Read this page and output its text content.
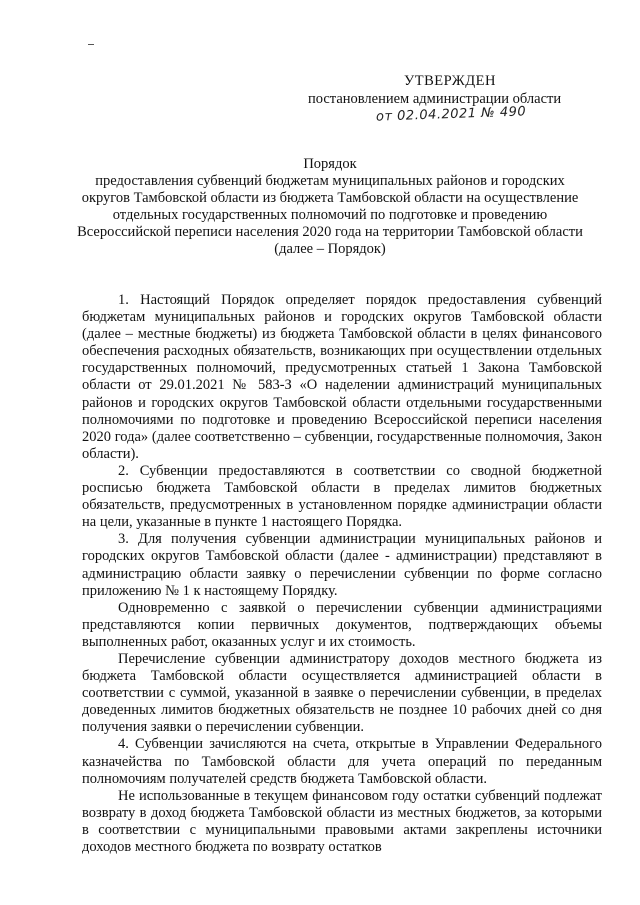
УТВЕРЖДЕН
постановлением администрации области
от 02.04.2021 № 490
Порядок
предоставления субвенций бюджетам муниципальных районов и городских округов Тамбовской области из бюджета Тамбовской области на осуществление отдельных государственных полномочий по подготовке и проведению Всероссийской переписи населения 2020 года на территории Тамбовской области
(далее – Порядок)

1. Настоящий Порядок определяет порядок предоставления субвенций бюджетам муниципальных районов и городских округов Тамбовской области (далее – местные бюджеты) из бюджета Тамбовской области в целях финансового обеспечения расходных обязательств, возникающих при осуществлении отдельных государственных полномочий, предусмотренных статьей 1 Закона Тамбовской области от 29.01.2021 № 583-З «О наделении администраций муниципальных районов и городских округов Тамбовской области отдельными государственными полномочиями по подготовке и проведению Всероссийской переписи населения 2020 года» (далее соответственно – субвенции, государственные полномочия, Закон области).

2. Субвенции предоставляются в соответствии со сводной бюджетной росписью бюджета Тамбовской области в пределах лимитов бюджетных обязательств, предусмотренных в установленном порядке администрации области на цели, указанные в пункте 1 настоящего Порядка.

3. Для получения субвенции администрации муниципальных районов и городских округов Тамбовской области (далее - администрации) представляют в администрацию области заявку о перечислении субвенции по форме согласно приложению № 1 к настоящему Порядку.

Одновременно с заявкой о перечислении субвенции администрациями представляются копии первичных документов, подтверждающих объемы выполненных работ, оказанных услуг и их стоимость.

Перечисление субвенции администратору доходов местного бюджета из бюджета Тамбовской области осуществляется администрацией области в соответствии с суммой, указанной в заявке о перечислении субвенции, в пределах доведенных лимитов бюджетных обязательств не позднее 10 рабочих дней со дня получения заявки о перечислении субвенции.

4. Субвенции зачисляются на счета, открытые в Управлении Федерального казначейства по Тамбовской области для учета операций по переданным полномочиям получателей средств бюджета Тамбовской области.

Не использованные в текущем финансовом году остатки субвенций подлежат возврату в доход бюджета Тамбовской области из местных бюджетов, за которыми в соответствии с муниципальными правовыми актами закреплены источники доходов местного бюджета по возврату остатков
